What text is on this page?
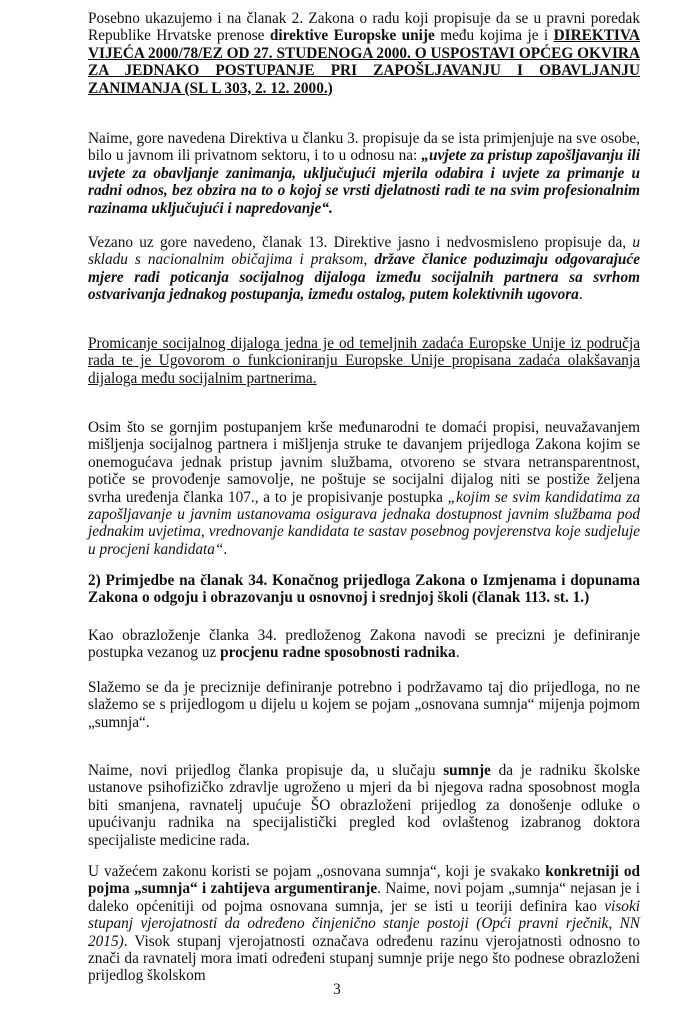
Posebno ukazujemo i na članak 2. Zakona o radu koji propisuje da se u pravni poredak Republike Hrvatske prenose direktive Europske unije među kojima je i DIREKTIVA VIJEĆA 2000/78/EZ OD 27. STUDENOGA 2000. O USPOSTAVI OPĆEG OKVIRA ZA JEDNAKO POSTUPANJE PRI ZAPOŠLJAVANJU I OBAVLJANJU ZANIMANJA (SL L 303, 2. 12. 2000.)

Naime, gore navedena Direktiva u članku 3. propisuje da se ista primjenjuje na sve osobe, bilo u javnom ili privatnom sektoru, i to u odnosu na: „uvjete za pristup zapošljavanju ili uvjete za obavljanje zanimanja, uključujući mjerila odabira i uvjete za primanje u radni odnos, bez obzira na to o kojoj se vrsti djelatnosti radi te na svim profesionalnim razinama uključujući i napredovanje“.

Vezano uz gore navedeno, članak 13. Direktive jasno i nedvosmisleno propisuje da, u skladu s nacionalnim običajima i praksom, države članice poduzimaju odgovarajuće mjere radi poticanja socijalnog dijaloga između socijalnih partnera sa svrhom ostvarivanja jednakog postupanja, između ostalog, putem kolektivnih ugovora.

Promicanje socijalnog dijaloga jedna je od temeljnih zadaća Europske Unije iz područja rada te je Ugovorom o funkcioniranju Europske Unije propisana zadaća olakšavanja dijaloga među socijalnim partnerima.

Osim što se gornjim postupanjem krše međunarodni te domaći propisi, neuvažavanjem mišljenja socijalnog partnera i mišljenja struke te davanjem prijedloga Zakona kojim se onemogućava jednak pristup javnim službama, otvoreno se stvara netransparentnost, potiče se provođenje samovolje, ne poštuje se socijalni dijalog niti se postiže željena svrha uređenja članka 107., a to je propisivanje postupka „kojim se svim kandidatima za zapošljavanje u javnim ustanovama osigurava jednaka dostupnost javnim službama pod jednakim uvjetima, vrednovanje kandidata te sastav posebnog povjerenstva koje sudjeluje u procjeni kandidata“.

2) Primjedbe na članak 34. Konačnog prijedloga Zakona o Izmjenama i dopunama Zakona o odgoju i obrazovanju u osnovnoj i srednjoj školi (članak 113. st. 1.)

Kao obrazloženje članka 34. predloženog Zakona navodi se precizni je definiranje postupka vezanog uz procjenu radne sposobnosti radnika.

Slažemo se da je preciznije definiranje potrebno i podržavamo taj dio prijedloga, no ne slažemo se s prijedlogom u dijelu u kojem se pojam „osnovana sumnja“ mijenja pojmom „sumnja“.

Naime, novi prijedlog članka propisuje da, u slučaju sumnje da je radniku školske ustanove psihofizičko zdravlje ugroženo u mjeri da bi njegova radna sposobnost mogla biti smanjena, ravnatelj upućuje ŠO obrazloženi prijedlog za donošenje odluke o upućivanju radnika na specijalistički pregled kod ovlaštenog izabranog doktora specijaliste medicine rada.

U važećem zakonu koristi se pojam „osnovana sumnja“, koji je svakako konkretniji od pojma „sumnja“ i zahtijeva argumentiranje. Naime, novi pojam „sumnja“ nejasan je i daleko općenitiji od pojma osnovana sumnja, jer se isti u teoriji definira kao visoki stupanj vjerojatnosti da određeno činjenično stanje postoji (Opći pravni rječnik, NN 2015). Visok stupanj vjerojatnosti označava određenu razinu vjerojatnosti odnosno to znači da ravnatelj mora imati određeni stupanj sumnje prije nego što podnese obrazloženi prijedlog školskom

3
